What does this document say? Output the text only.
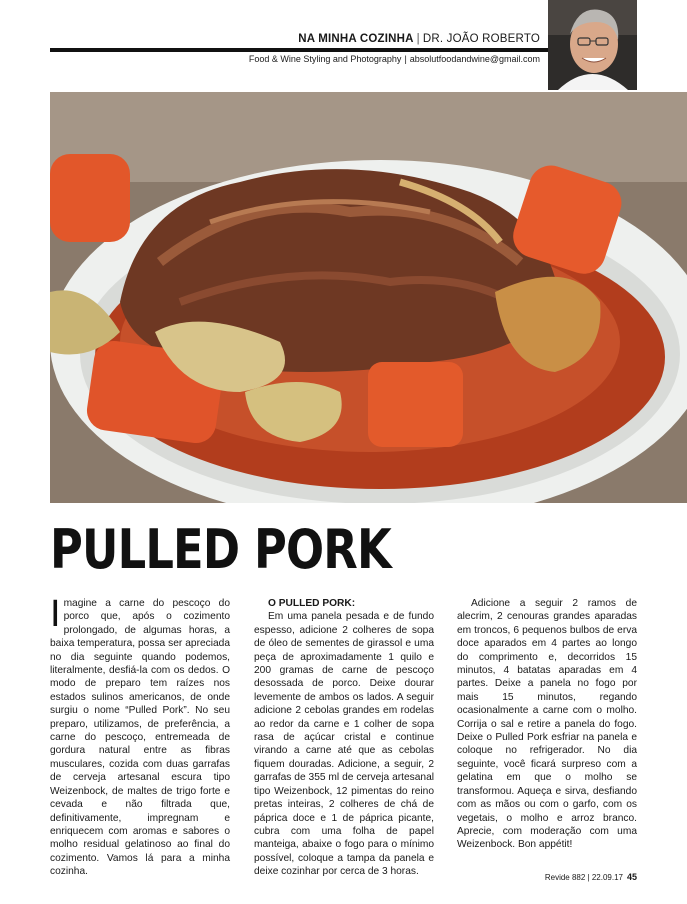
NA MINHA COZINHA | DR. JOÃO ROBERTO
Food & Wine Styling and Photography | absolutfoodandwine@gmail.com
PULLED PORK

Imagine a carne do pescoço do porco que, após o cozimento prolongado, de algumas horas, a baixa temperatura, possa ser apreciada no dia seguinte quando podemos, literalmente, desfiá-la com os dedos. O modo de preparo tem raízes nos estados sulinos americanos, de onde surgiu o nome “Pulled Pork”. No seu preparo, utilizamos, de preferência, a carne do pescoço, entremeada de gordura natural entre as fibras musculares, cozida com duas garrafas de cerveja artesanal escura tipo Weizenbock, de maltes de trigo forte e cevada e não filtrada que, definitivamente, impregnam e enriquecem com aromas e sabores o molho residual gelatinoso ao final do cozimento. Vamos lá para a minha cozinha.

O PULLED PORK:

Em uma panela pesada e de fundo espesso, adicione 2 colheres de sopa de óleo de sementes de girassol e uma peça de aproximadamente 1 quilo e 200 gramas de carne de pescoço desossada de porco. Deixe dourar levemente de ambos os lados. A seguir adicione 2 cebolas grandes em rodelas ao redor da carne e 1 colher de sopa rasa de açúcar cristal e continue virando a carne até que as cebolas fiquem douradas. Adicione, a seguir, 2 garrafas de 355 ml de cerveja artesanal tipo Weizenbock, 12 pimentas do reino pretas inteiras, 2 colheres de chá de páprica doce e 1 de páprica picante, cubra com uma folha de papel manteiga, abaixe o fogo para o mínimo possível, coloque a tampa da panela e deixe cozinhar por cerca de 3 horas.

Adicione a seguir 2 ramos de alecrim, 2 cenouras grandes aparadas em troncos, 6 pequenos bulbos de erva doce aparados em 4 partes ao longo do comprimento e, decorridos 15 minutos, 4 batatas aparadas em 4 partes. Deixe a panela no fogo por mais 15 minutos, regando ocasionalmente a carne com o molho. Corrija o sal e retire a panela do fogo. Deixe o Pulled Pork esfriar na panela e coloque no refrigerador. No dia seguinte, você ficará surpreso com a gelatina em que o molho se transformou. Aqueça e sirva, desfiando com as mãos ou com o garfo, com os vegetais, o molho e arroz branco. Aprecie, com moderação com uma Weizenbock. Bon appétit!

Revide 882 | 22.09.17 45
